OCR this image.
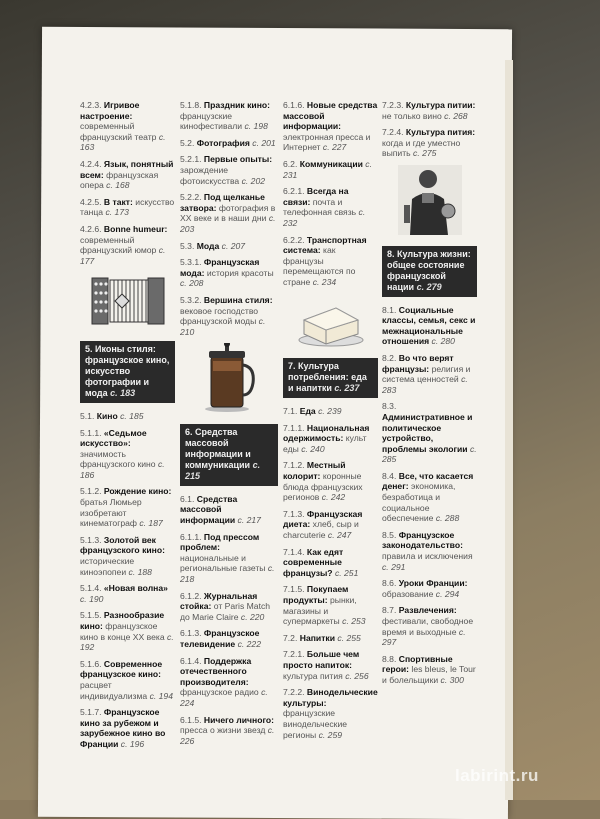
4.2.3. Игривое настроение: современный французский театр с. 163
4.2.4. Язык, понятный всем: французская опера с. 168
4.2.5. В такт: искусство танца с. 173
4.2.6. Bonne humeur: современный французский юмор с. 177
5. Иконы стиля: французское кино, искусство фотографии и мода с. 183
5.1. Кино с. 185
5.1.1. «Седьмое искусство»: значимость французского кино с. 186
5.1.2. Рождение кино: братья Люмьер изобретают кинематограф с. 187
5.1.3. Золотой век французского кино: исторические киноэпопеи с. 188
5.1.4. «Новая волна» с. 190
5.1.5. Разнообразие кино: французское кино в конце XX века с. 192
5.1.6. Современное французское кино: расцвет индивидуализма с. 194
5.1.7. Французское кино за рубежом и зарубежное кино во Франции с. 196
5.1.8. Праздник кино: французские кинофестивали с. 198
5.2. Фотография с. 201
5.2.1. Первые опыты: зарождение фотоискусства с. 202
5.2.2. Под щелканье затвора: фотография в XX веке и в наши дни с. 203
5.3. Мода с. 207
5.3.1. Французская мода: история красоты с. 208
5.3.2. Вершина стиля: вековое господство французской моды с. 210
6. Средства массовой информации и коммуникации с. 215
6.1. Средства массовой информации с. 217
6.1.1. Под прессом проблем: национальные и региональные газеты с. 218
6.1.2. Журнальная стойка: от Paris Match до Marie Claire с. 220
6.1.3. Французское телевидение с. 222
6.1.4. Поддержка отечественного производителя: французское радио с. 224
6.1.5. Ничего личного: пресса о жизни звезд с. 226
6.1.6. Новые средства массовой информации: электронная пресса и Интернет с. 227
6.2. Коммуникации с. 231
6.2.1. Всегда на связи: почта и телефонная связь с. 232
6.2.2. Транспортная система: как французы перемещаются по стране с. 234
7. Культура потребления: еда и напитки с. 237
7.1. Еда с. 239
7.1.1. Национальная одержимость: культ еды с. 240
7.1.2. Местный колорит: коронные блюда французских регионов с. 242
7.1.3. Французская диета: хлеб, сыр и charcuterie с. 247
7.1.4. Как едят современные французы? с. 251
7.1.5. Покупаем продукты: рынки, магазины и супермаркеты с. 253
7.2. Напитки с. 255
7.2.1. Больше чем просто напиток: культура пития с. 256
7.2.2. Винодельческие культуры: французские винодельческие регионы с. 259
7.2.3. Культура питии: не только вино с. 268
7.2.4. Культура пития: когда и где уместно выпить с. 275
8. Культура жизни: общее состояние французской нации с. 279
8.1. Социальные классы, семья, секс и межнациональные отношения с. 280
8.2. Во что верят французы: религия и система ценностей с. 283
8.3. Административное и политическое устройство, проблемы экологии с. 285
8.4. Все, что касается денег: экономика, безработица и социальное обеспечение с. 288
8.5. Французское законодательство: правила и исключения с. 291
8.6. Уроки Франции: образование с. 294
8.7. Развлечения: фестивали, свободное время и выходные с. 297
8.8. Спортивные герои: les bleus, le Tour и болельщики с. 300
labirint.ru
